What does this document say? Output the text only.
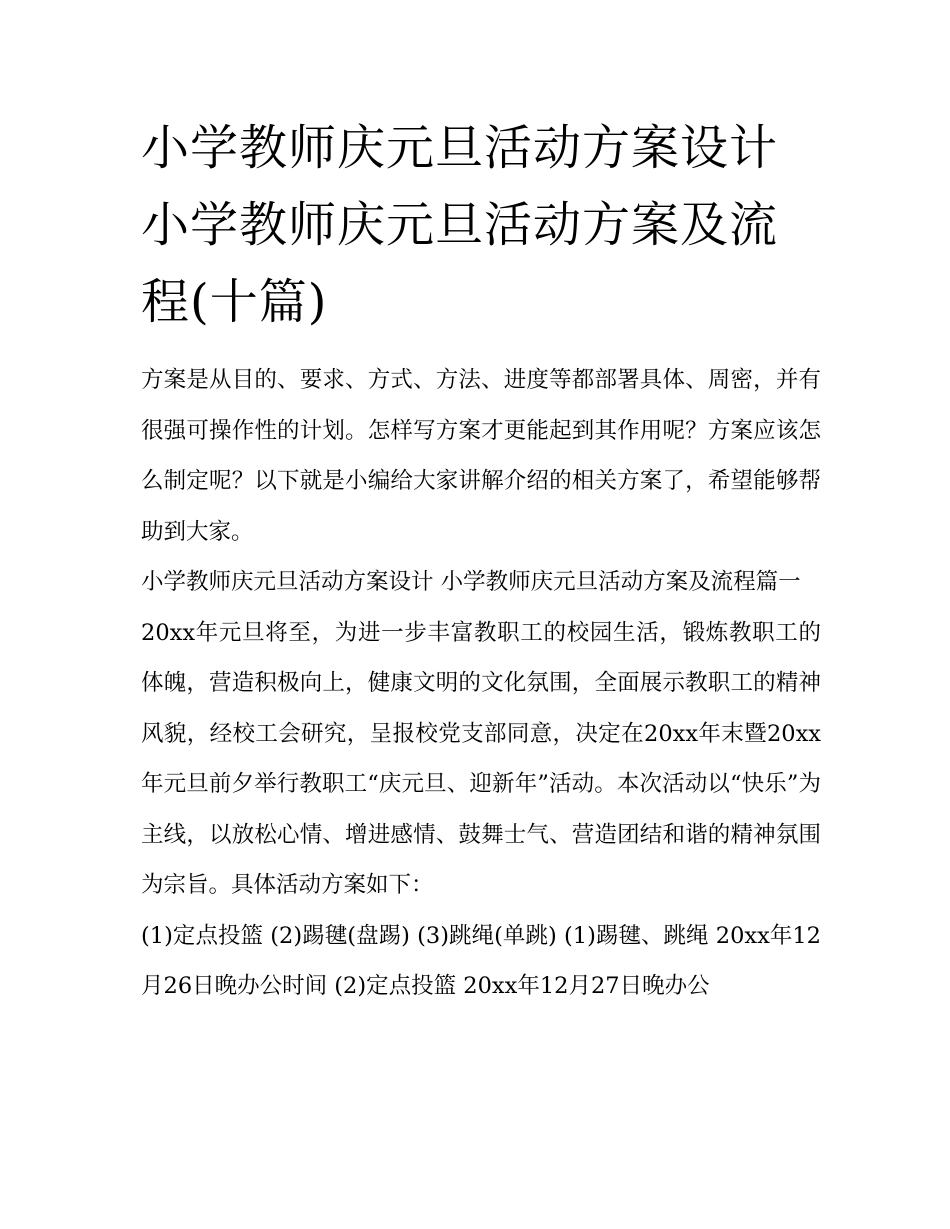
小学教师庆元旦活动方案设计 小学教师庆元旦活动方案及流程(十篇)

方案是从目的、要求、方式、方法、进度等都部署具体、周密，并有很强可操作性的计划。怎样写方案才更能起到其作用呢？方案应该怎么制定呢？以下就是小编给大家讲解介绍的相关方案了，希望能够帮助到大家。

小学教师庆元旦活动方案设计 小学教师庆元旦活动方案及流程篇一

20xx年元旦将至，为进一步丰富教职工的校园生活，锻炼教职工的体魄，营造积极向上，健康文明的文化氛围，全面展示教职工的精神风貌，经校工会研究，呈报校党支部同意，决定在20xx年末暨20xx年元旦前夕举行教职工“庆元旦、迎新年”活动。本次活动以“快乐”为主线，以放松心情、增进感情、鼓舞士气、营造团结和谐的精神氛围为宗旨。具体活动方案如下：

(1)定点投篮 (2)踢毽(盘踢) (3)跳绳(单跳) (1)踢毽、跳绳 20xx年12月26日晚办公时间 (2)定点投篮 20xx年12月27日晚办公
